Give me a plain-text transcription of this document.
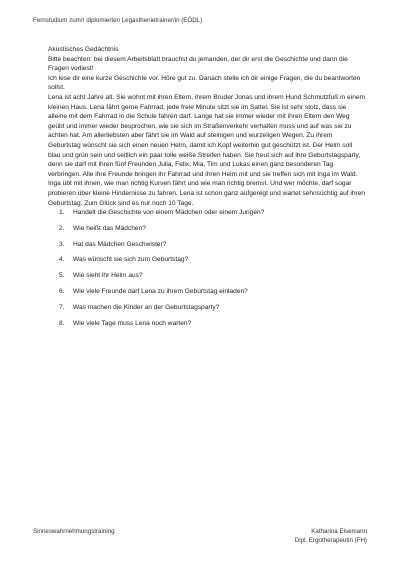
Fernstudium zum/r diplomierten Legasthenietrainer/in (EÖDL)

Akustisches Gedächtnis

Bitte beachten: bei diesem Arbeitsblatt brauchst du jemanden, der dir erst die Geschichte und dann die Fragen vorliest!

Ich lese dir eine kurze Geschichte vor. Höre gut zu. Danach stelle ich dir einige Fragen, die du beantworten sollst.

Lena ist acht Jahre alt. Sie wohnt mit ihren Eltern, ihrem Bruder Jonas und ihrem Hund Schmutzfuß in einem kleinen Haus. Lena fährt gerne Fahrrad, jede freie Minute sitzt sie im Sattel. Sie ist sehr stolz, dass sie alleine mit dem Fahrrad in die Schule fahren darf. Lange hat sie immer wieder mit ihren Eltern den Weg geübt und immer wieder besprochen, wie sie sich im Straßenverkehr verhalten muss und auf was sie zu achten hat. Am allerliebsten aber fährt sie im Wald auf steinigen und wurzeligen Wegen. Zu ihrem Geburtstag wünscht sie sich einen neuen Helm, damit ich Kopf weiterhin gut geschützt ist. Der Helm soll blau und grün sein und seitlich ein paar tolle weiße Streifen haben. Sie freut sich auf ihre Geburtstagsparty, denn sie darf mit ihren fünf Freunden Julia, Felix, Mia, Tim und Lukas einen ganz besonderen Tag verbringen. Alle ihre Freunde bringen ihr Fahrrad und ihren Helm mit und sie treffen sich mit Inga im Wald. Inga übt mit ihnen, wie man richtig Kurven fährt und wie man richtig bremst. Und wer möchte, darf sogar probieren über kleine Hindernisse zu fahren. Lena ist schon ganz aufgeregt und wartet sehnsüchtig auf ihren Geburtstag. Zum Glück sind es nur noch 10 Tage.

1.	Handelt die Geschichte von einem Mädchen oder einem Jungen?
2.	Wie heißt das Mädchen?
3.	Hat das Mädchen Geschwister?
4.	Was wünscht sie sich zum Geburtstag?
5.	Wie sieht ihr Helm aus?
6.	Wie viele Freunde darf Lena zu ihrem Geburtstag einladen?
7.	Was machen die Kinder an der Geburtstagsparty?
8.	Wie viele Tage muss Lena noch warten?
Sinneswahrnehmungstraining	Katharina Eisemann
Dipl. Ergotherapeutin (FH)
